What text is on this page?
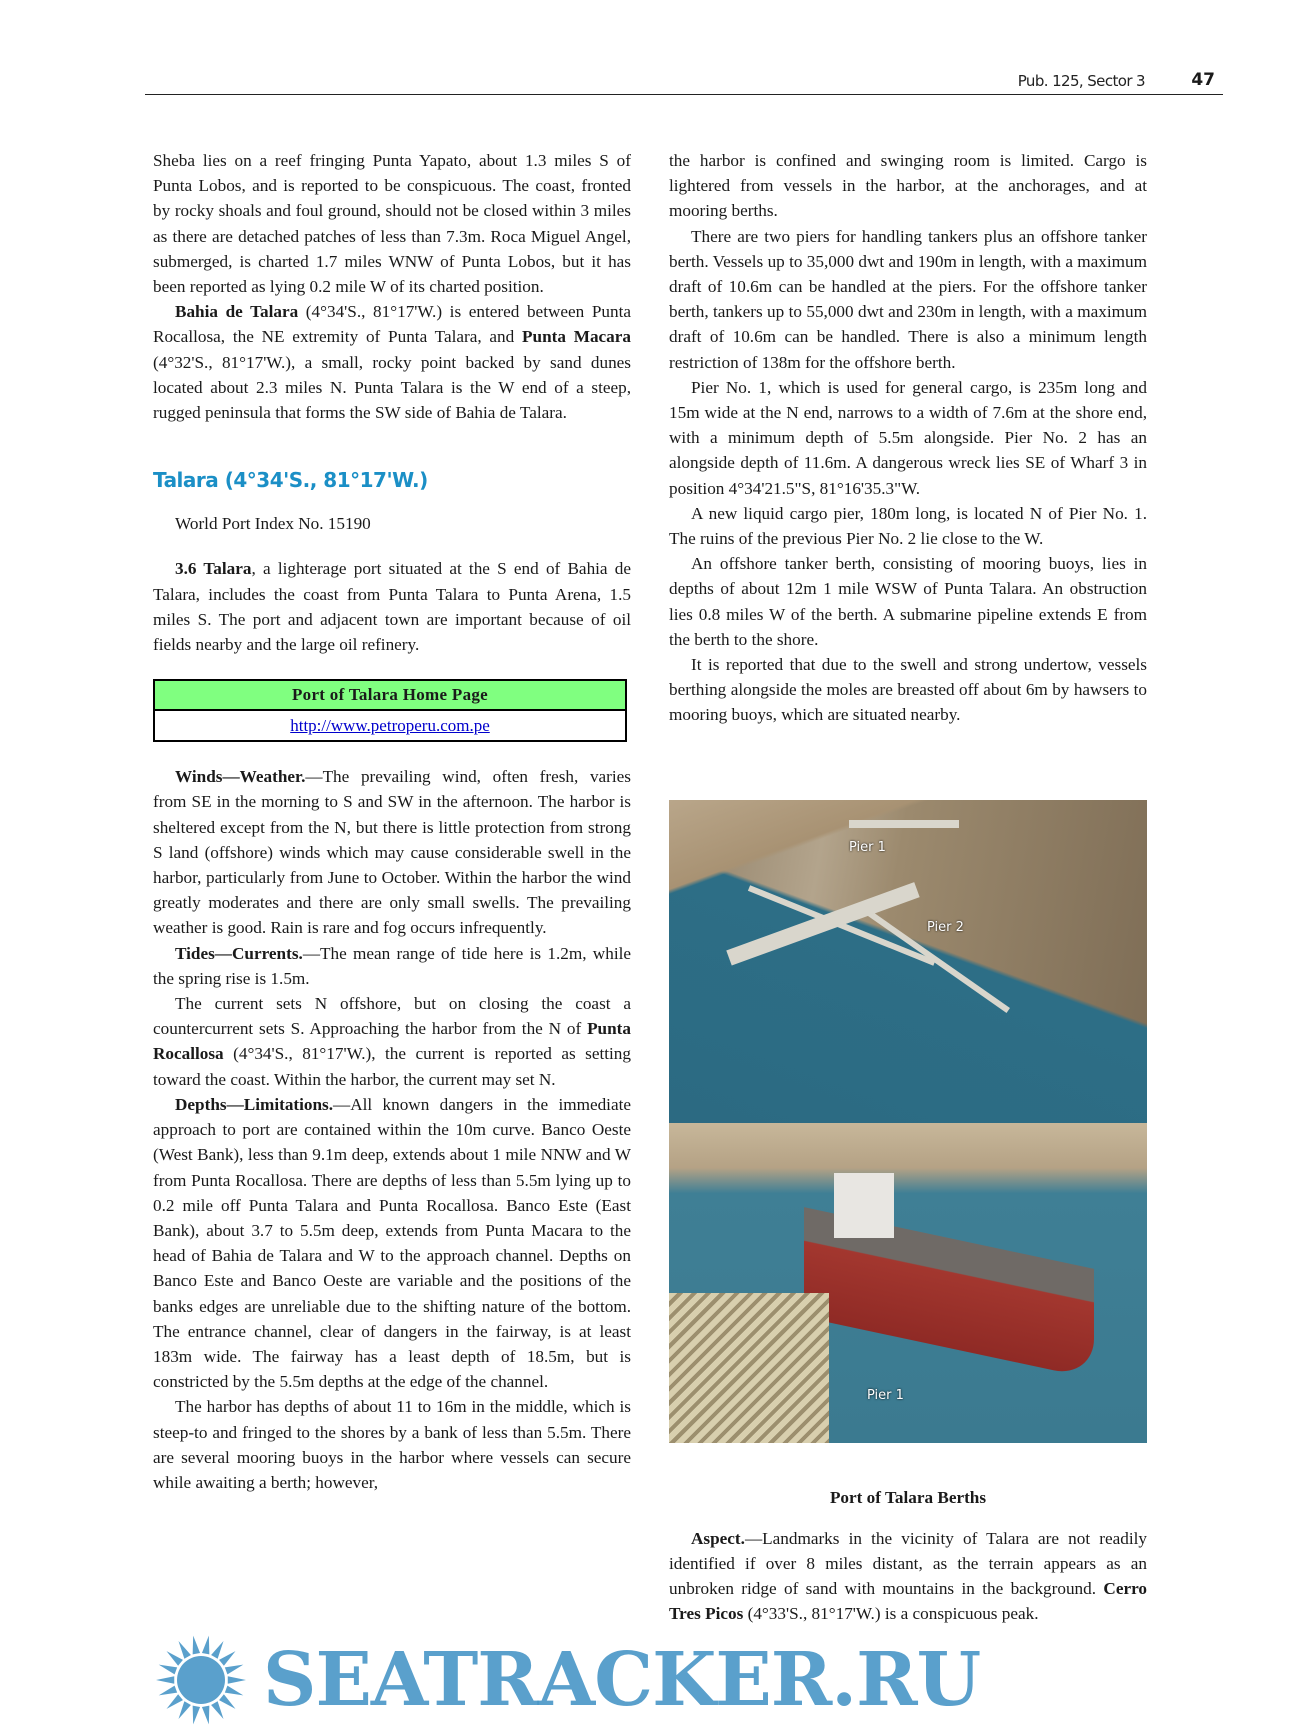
Pub. 125, Sector 3	47

Sheba lies on a reef fringing Punta Yapato, about 1.3 miles S of Punta Lobos, and is reported to be conspicuous. The coast, fronted by rocky shoals and foul ground, should not be closed within 3 miles as there are detached patches of less than 7.3m. Roca Miguel Angel, submerged, is charted 1.7 miles WNW of Punta Lobos, but it has been reported as lying 0.2 mile W of its charted position.

Bahia de Talara (4°34'S., 81°17'W.) is entered between Punta Rocallosa, the NE extremity of Punta Talara, and Punta Macara (4°32'S., 81°17'W.), a small, rocky point backed by sand dunes located about 2.3 miles N. Punta Talara is the W end of a steep, rugged peninsula that forms the SW side of Bahia de Talara.

Talara (4°34'S., 81°17'W.)
World Port Index No. 15190

3.6 Talara, a lighterage port situated at the S end of Bahia de Talara, includes the coast from Punta Talara to Punta Arena, 1.5 miles S. The port and adjacent town are important because of oil fields nearby and the large oil refinery.

Port of Talara Home Page
http://www.petroperu.com.pe

Winds—Weather.—The prevailing wind, often fresh, varies from SE in the morning to S and SW in the afternoon. The harbor is sheltered except from the N, but there is little protection from strong S land (offshore) winds which may cause considerable swell in the harbor, particularly from June to October. Within the harbor the wind greatly moderates and there are only small swells. The prevailing weather is good. Rain is rare and fog occurs infrequently.

Tides—Currents.—The mean range of tide here is 1.2m, while the spring rise is 1.5m.

The current sets N offshore, but on closing the coast a countercurrent sets S. Approaching the harbor from the N of Punta Rocallosa (4°34'S., 81°17'W.), the current is reported as setting toward the coast. Within the harbor, the current may set N.

Depths—Limitations.—All known dangers in the immediate approach to port are contained within the 10m curve. Banco Oeste (West Bank), less than 9.1m deep, extends about 1 mile NNW and W from Punta Rocallosa. There are depths of less than 5.5m lying up to 0.2 mile off Punta Talara and Punta Rocallosa. Banco Este (East Bank), about 3.7 to 5.5m deep, extends from Punta Macara to the head of Bahia de Talara and W to the approach channel. Depths on Banco Este and Banco Oeste are variable and the positions of the banks edges are unreliable due to the shifting nature of the bottom. The entrance channel, clear of dangers in the fairway, is at least 183m wide. The fairway has a least depth of 18.5m, but is constricted by the 5.5m depths at the edge of the channel.

The harbor has depths of about 11 to 16m in the middle, which is steep-to and fringed to the shores by a bank of less than 5.5m. There are several mooring buoys in the harbor where vessels can secure while awaiting a berth; however,

the harbor is confined and swinging room is limited. Cargo is lightered from vessels in the harbor, at the anchorages, and at mooring berths.

There are two piers for handling tankers plus an offshore tanker berth. Vessels up to 35,000 dwt and 190m in length, with a maximum draft of 10.6m can be handled at the piers. For the offshore tanker berth, tankers up to 55,000 dwt and 230m in length, with a maximum draft of 10.6m can be handled. There is also a minimum length restriction of 138m for the offshore berth.

Pier No. 1, which is used for general cargo, is 235m long and 15m wide at the N end, narrows to a width of 7.6m at the shore end, with a minimum depth of 5.5m alongside. Pier No. 2 has an alongside depth of 11.6m. A dangerous wreck lies SE of Wharf 3 in position 4°34'21.5"S, 81°16'35.3"W.

A new liquid cargo pier, 180m long, is located N of Pier No. 1. The ruins of the previous Pier No. 2 lie close to the W.

An offshore tanker berth, consisting of mooring buoys, lies in depths of about 12m 1 mile WSW of Punta Talara. An obstruction lies 0.8 miles W of the berth. A submarine pipeline extends E from the berth to the shore.

It is reported that due to the swell and strong undertow, vessels berthing alongside the moles are breasted off about 6m by hawsers to mooring buoys, which are situated nearby.

Pier 1
Pier 2
Pier 1
Port of Talara Berths

Aspect.—Landmarks in the vicinity of Talara are not readily identified if over 8 miles distant, as the terrain appears as an unbroken ridge of sand with mountains in the background. Cerro Tres Picos (4°33'S., 81°17'W.) is a conspicuous peak.

SEATRACKER.RU
